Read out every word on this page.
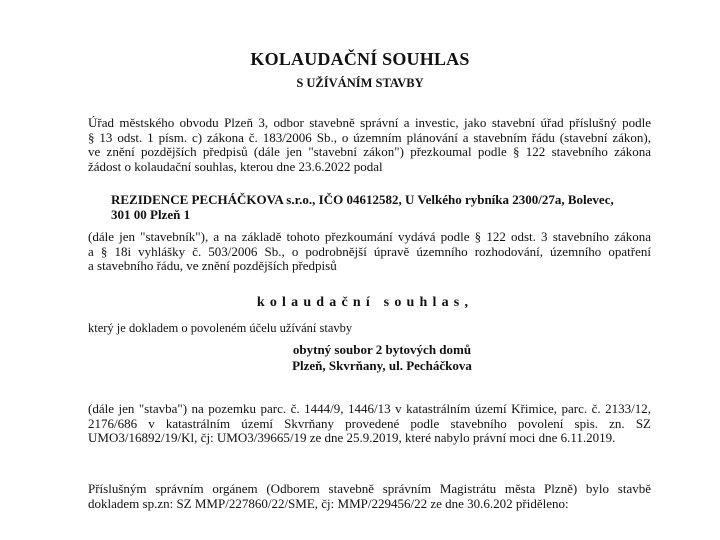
KOLAUDAČNÍ SOUHLAS
S UŽÍVÁNÍM STAVBY
Úřad městského obvodu Plzeň 3, odbor stavebně správní a investic, jako stavební úřad příslušný podle
§ 13 odst. 1 písm. c) zákona č. 183/2006 Sb., o územním plánování a stavebním řádu (stavební zákon),
ve znění pozdějších předpisů (dále jen "stavební zákon") přezkoumal podle § 122 stavebního zákona
žádost o kolaudační souhlas, kterou dne 23.6.2022 podal
REZIDENCE PECHÁČKOVA s.r.o., IČO 04612582, U Velkého rybníka 2300/27a, Bolevec,
301 00 Plzeň 1
(dále jen "stavebník"), a na základě tohoto přezkoumání vydává podle § 122 odst. 3 stavebního zákona
a § 18i vyhlášky č. 503/2006 Sb., o podrobnější úpravě územního rozhodování, územního opatření
a stavebního řádu, ve znění pozdějších předpisů
kolaudační souhlas,
který je dokladem o povoleném účelu užívání stavby
obytný soubor 2 bytových domů
Plzeň, Skvrňany, ul. Pecháčkova
(dále jen "stavba") na pozemku parc. č. 1444/9, 1446/13 v katastrálním území Křimice, parc. č. 2133/12,
2176/686 v katastrálním území Skvrňany provedené podle stavebního povolení spis. zn. SZ
UMO3/16892/19/Kl, čj: UMO3/39665/19 ze dne 25.9.2019, které nabylo právní moci dne 6.11.2019.
Příslušným správním orgánem (Odborem stavebně správním Magistrátu města Plzně) bylo stavbě
dokladem sp.zn: SZ MMP/227860/22/SME, čj: MMP/229456/22 ze dne 30.6.202 přiděleno:
